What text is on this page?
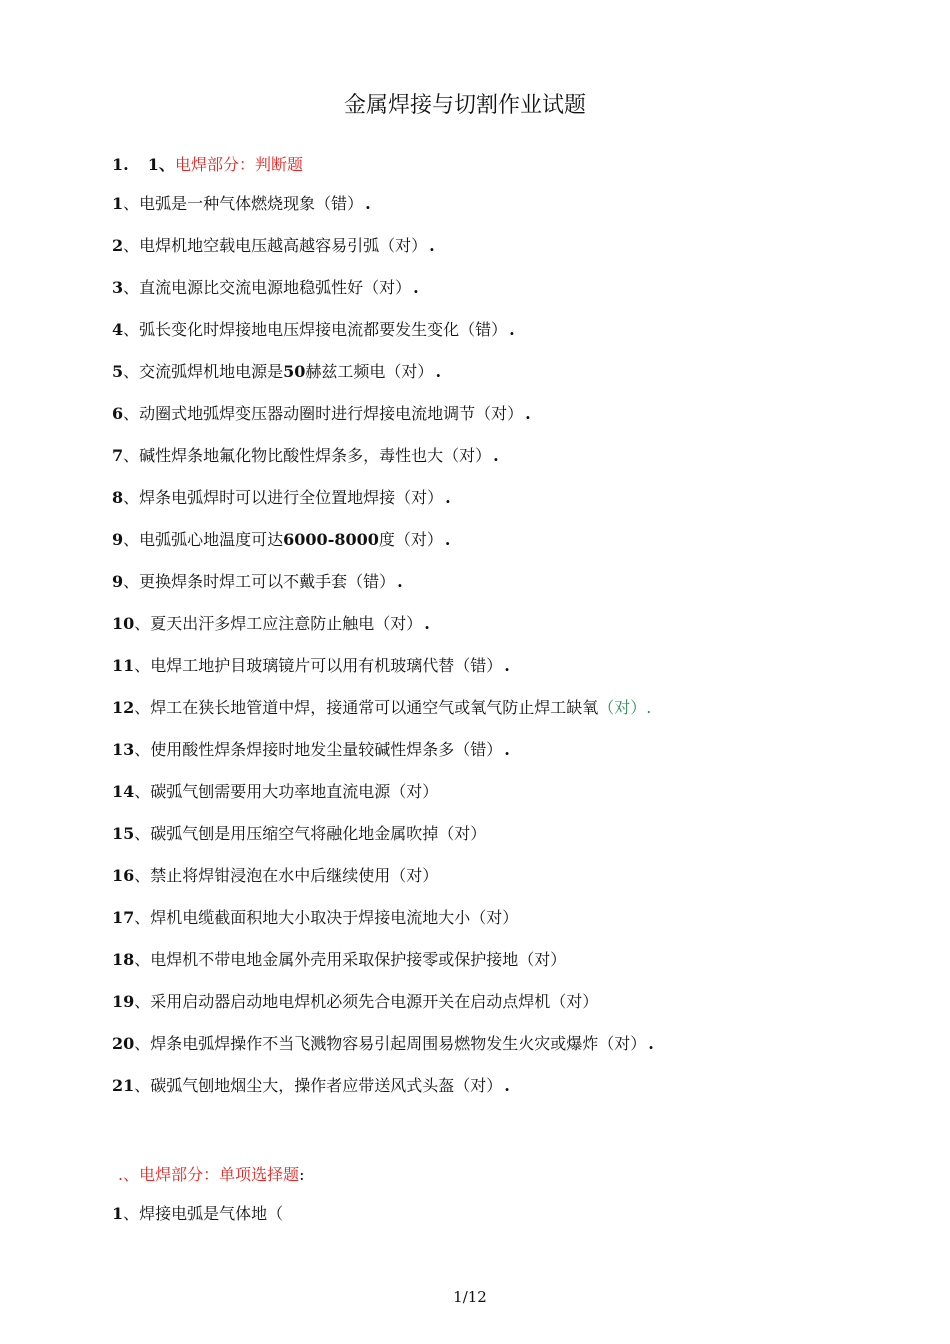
金属焊接与切割作业试题
1. 1、电焊部分：判断题
1、电弧是一种气体燃烧现象（错） .
2、电焊机地空载电压越高越容易引弧（对） .
3、直流电源比交流电源地稳弧性好（对） .
4、弧长变化时焊接地电压焊接电流都要发生变化（错） .
5、交流弧焊机地电源是50赫兹工频电（对） .
6、动圈式地弧焊变压器动圈时进行焊接电流地调节（对） .
7、碱性焊条地氟化物比酸性焊条多，毒性也大（对） .
8、焊条电弧焊时可以进行全位置地焊接（对） .
9、电弧弧心地温度可达6000-8000度（对） .
9、更换焊条时焊工可以不戴手套（错） .
10、夏天出汗多焊工应注意防止触电（对） .
11、电焊工地护目玻璃镜片可以用有机玻璃代替（错） .
12、焊工在狭长地管道中焊，接通常可以通空气或氧气防止焊工缺氧（对）.
13、使用酸性焊条焊接时地发尘量较碱性焊条多（错） .
14、碳弧气刨需要用大功率地直流电源（对）
15、碳弧气刨是用压缩空气将融化地金属吹掉（对）
16、禁止将焊钳浸泡在水中后继续使用（对）
17、焊机电缆截面积地大小取决于焊接电流地大小（对）
18、电焊机不带电地金属外壳用采取保护接零或保护接地（对）
19、采用启动器启动地电焊机必须先合电源开关在启动点焊机（对）
20、焊条电弧焊操作不当飞溅物容易引起周围易燃物发生火灾或爆炸（对） .
21、碳弧气刨地烟尘大，操作者应带送风式头盔（对） .
.、电焊部分：单项选择题:
1、焊接电弧是气体地（
1/12
